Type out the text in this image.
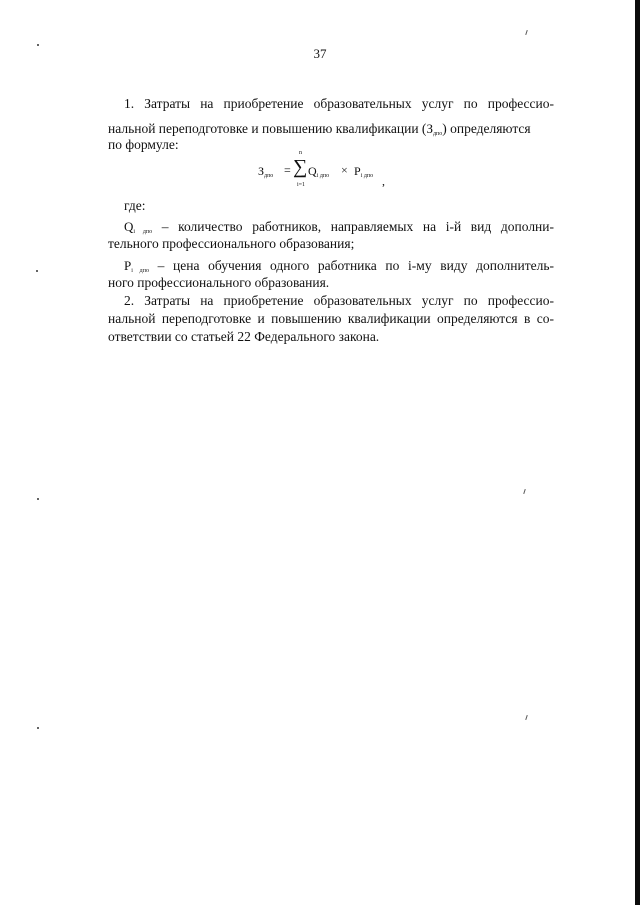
37
1. Затраты на приобретение образовательных услуг по профессио-
нальной переподготовке и повышению квалификации $(З_{дпо})$ определяются
по формуле:
$З_{дпо}$ = ∑
n
i=1
$Q_{i дпо} \times P_{i дпо}$ ,
где:
$Q_{i дпо}$ – количество работников, направляемых на i-й вид дополни-
тельного профессионального образования;
$P_{i дпо}$ – цена обучения одного работника по i-му виду дополнитель-
ного профессионального образования.
2. Затраты на приобретение образовательных услуг по профессио-
нальной переподготовке и повышению квалификации определяются в со-
ответствии со статьей 22 Федерального закона.
